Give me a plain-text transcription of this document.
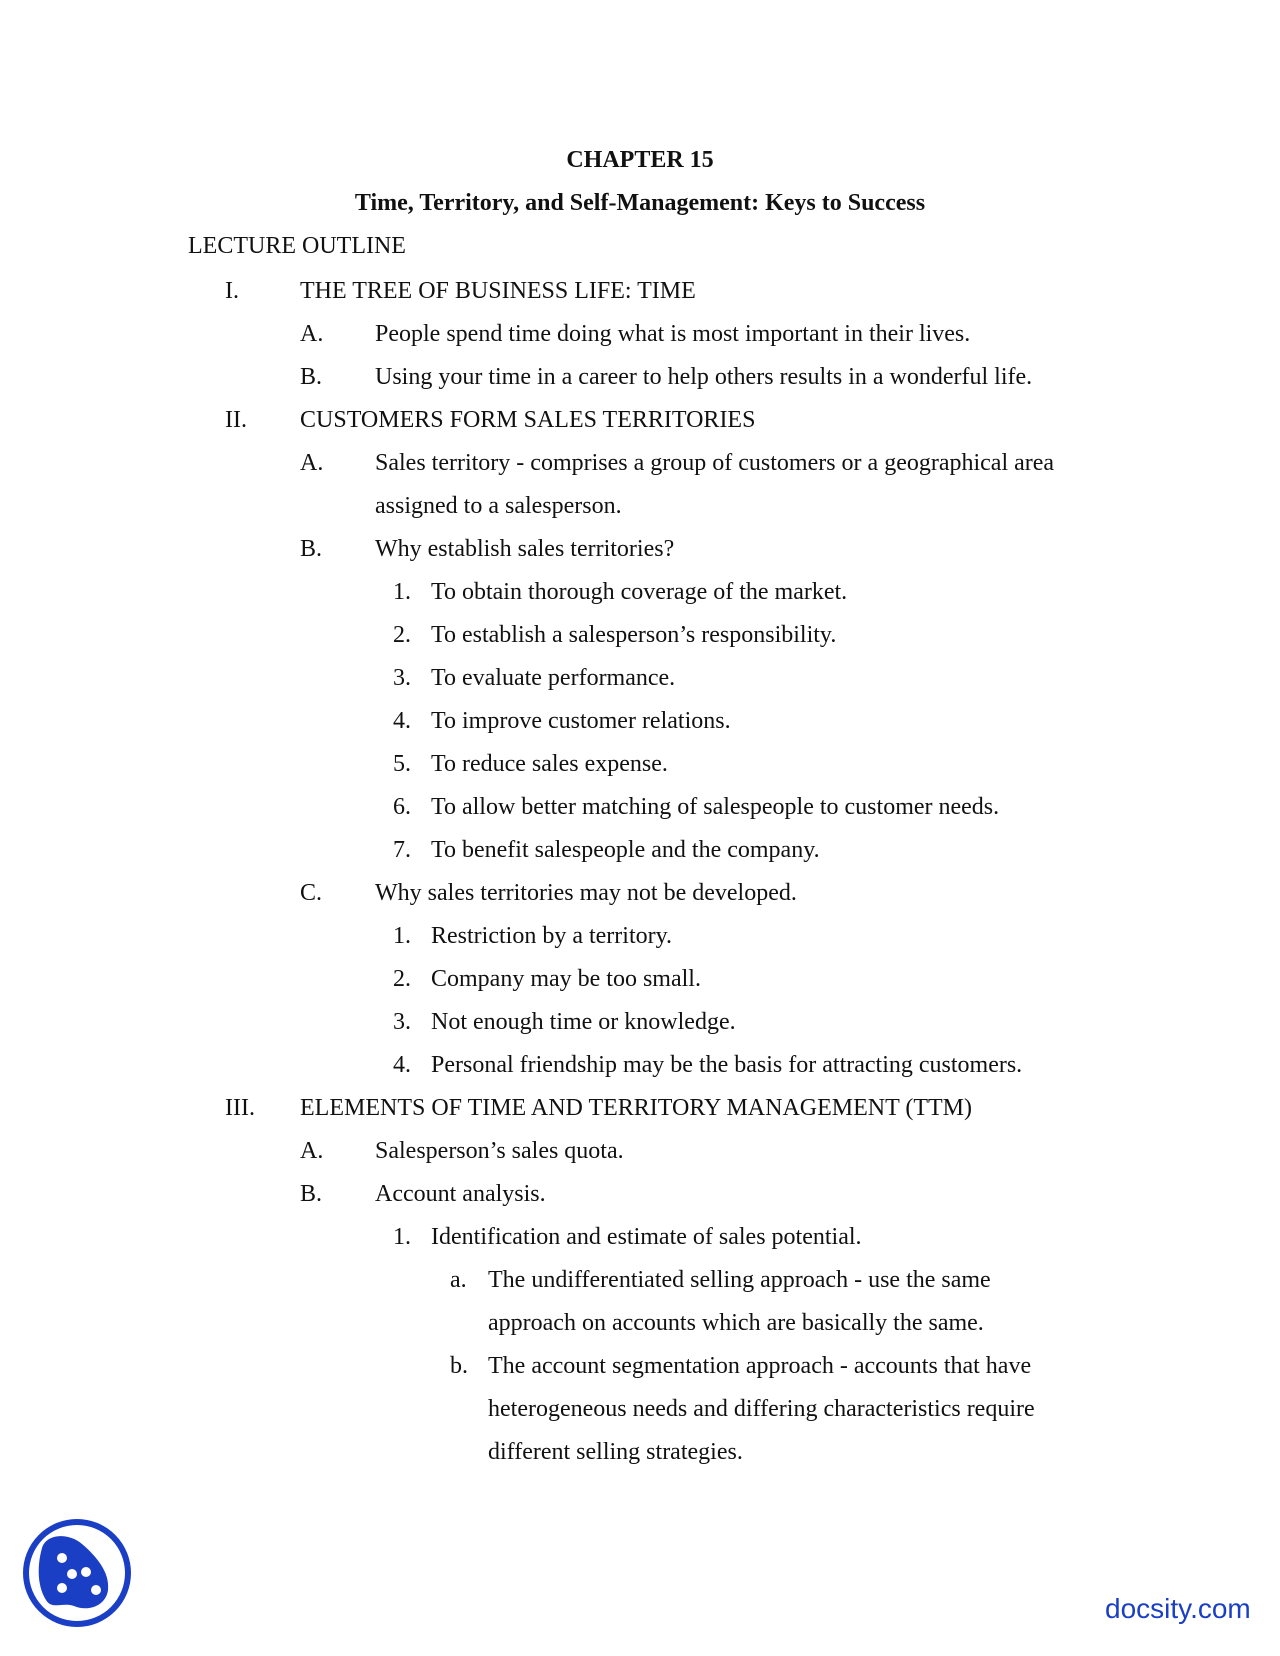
CHAPTER 15
Time, Territory, and Self-Management: Keys to Success
LECTURE OUTLINE
I.	THE TREE OF BUSINESS LIFE: TIME
A. People spend time doing what is most important in their lives.
B. Using your time in a career to help others results in a wonderful life.
II. CUSTOMERS FORM SALES TERRITORIES
A. Sales territory - comprises a group of customers or a geographical area
assigned to a salesperson.
B. Why establish sales territories?
1. To obtain thorough coverage of the market.
2. To establish a salesperson’s responsibility.
3. To evaluate performance.
4. To improve customer relations.
5. To reduce sales expense.
6. To allow better matching of salespeople to customer needs.
7. To benefit salespeople and the company.
C. Why sales territories may not be developed.
1. Restriction by a territory.
2. Company may be too small.
3. Not enough time or knowledge.
4. Personal friendship may be the basis for attracting customers.
III. ELEMENTS OF TIME AND TERRITORY MANAGEMENT (TTM)
A. Salesperson’s sales quota.
B. Account analysis.
1. Identification and estimate of sales potential.
a. The undifferentiated selling approach - use the same
approach on accounts which are basically the same.
b. The account segmentation approach - accounts that have
heterogeneous needs and differing characteristics require
different selling strategies.
docsity.com
